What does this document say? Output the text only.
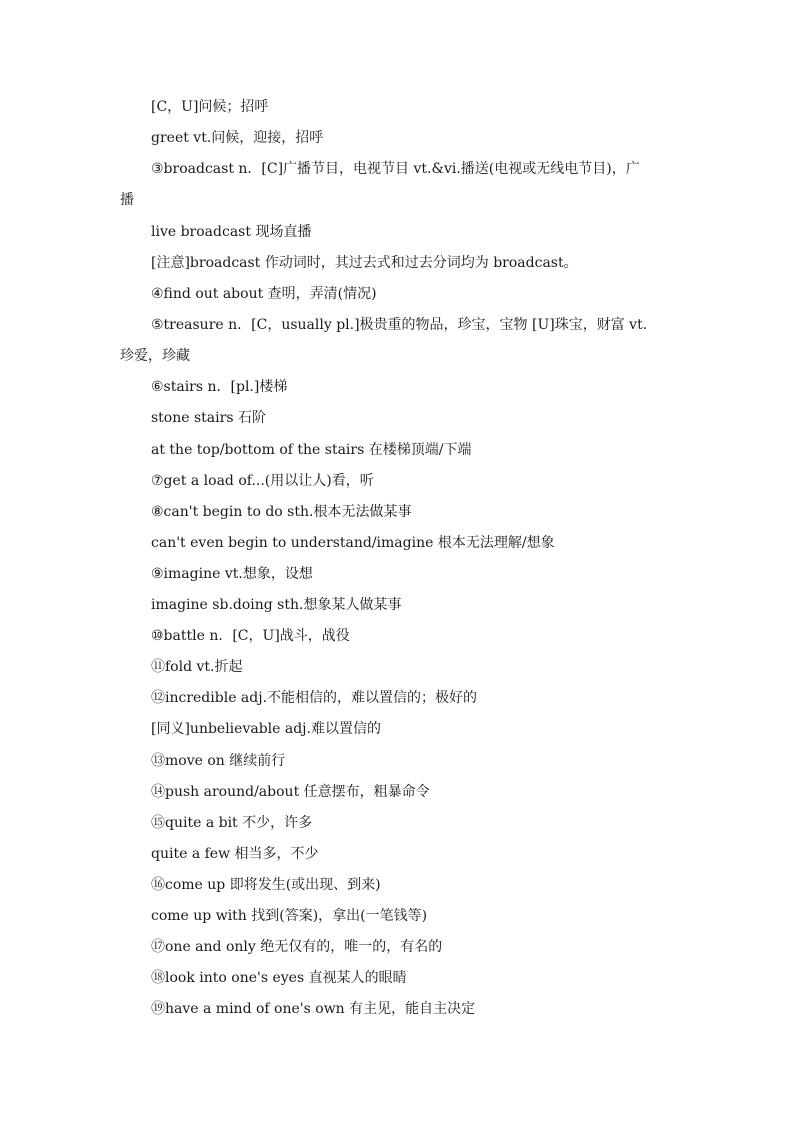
[C，U]问候；招呼
greet vt.问候，迎接，招呼
③broadcast n．[C]广播节目，电视节目 vt.&vi.播送(电视或无线电节目)，广
播
live broadcast 现场直播
[注意]broadcast 作动词时，其过去式和过去分词均为 broadcast。
④find out about 查明，弄清(情况)
⑤treasure n．[C，usually pl.]极贵重的物品，珍宝，宝物 [U]珠宝，财富 vt.
珍爱，珍藏
⑥stairs n．[pl.]楼梯
stone stairs 石阶
at the top/bottom of the stairs 在楼梯顶端/下端
⑦get a load of...(用以让人)看，听
⑧can't begin to do sth.根本无法做某事
can't even begin to understand/imagine 根本无法理解/想象
⑨imagine vt.想象，设想
imagine sb.doing sth.想象某人做某事
⑩battle n．[C，U]战斗，战役
⑪fold vt.折起
⑫incredible adj.不能相信的，难以置信的；极好的
[同义]unbelievable adj.难以置信的
⑬move on 继续前行
⑭push around/about 任意摆布，粗暴命令
⑮quite a bit 不少，许多
quite a few 相当多，不少
⑯come up 即将发生(或出现、到来)
come up with 找到(答案)，拿出(一笔钱等)
⑰one and only 绝无仅有的，唯一的，有名的
⑱look into one's eyes 直视某人的眼睛
⑲have a mind of one's own 有主见，能自主决定
